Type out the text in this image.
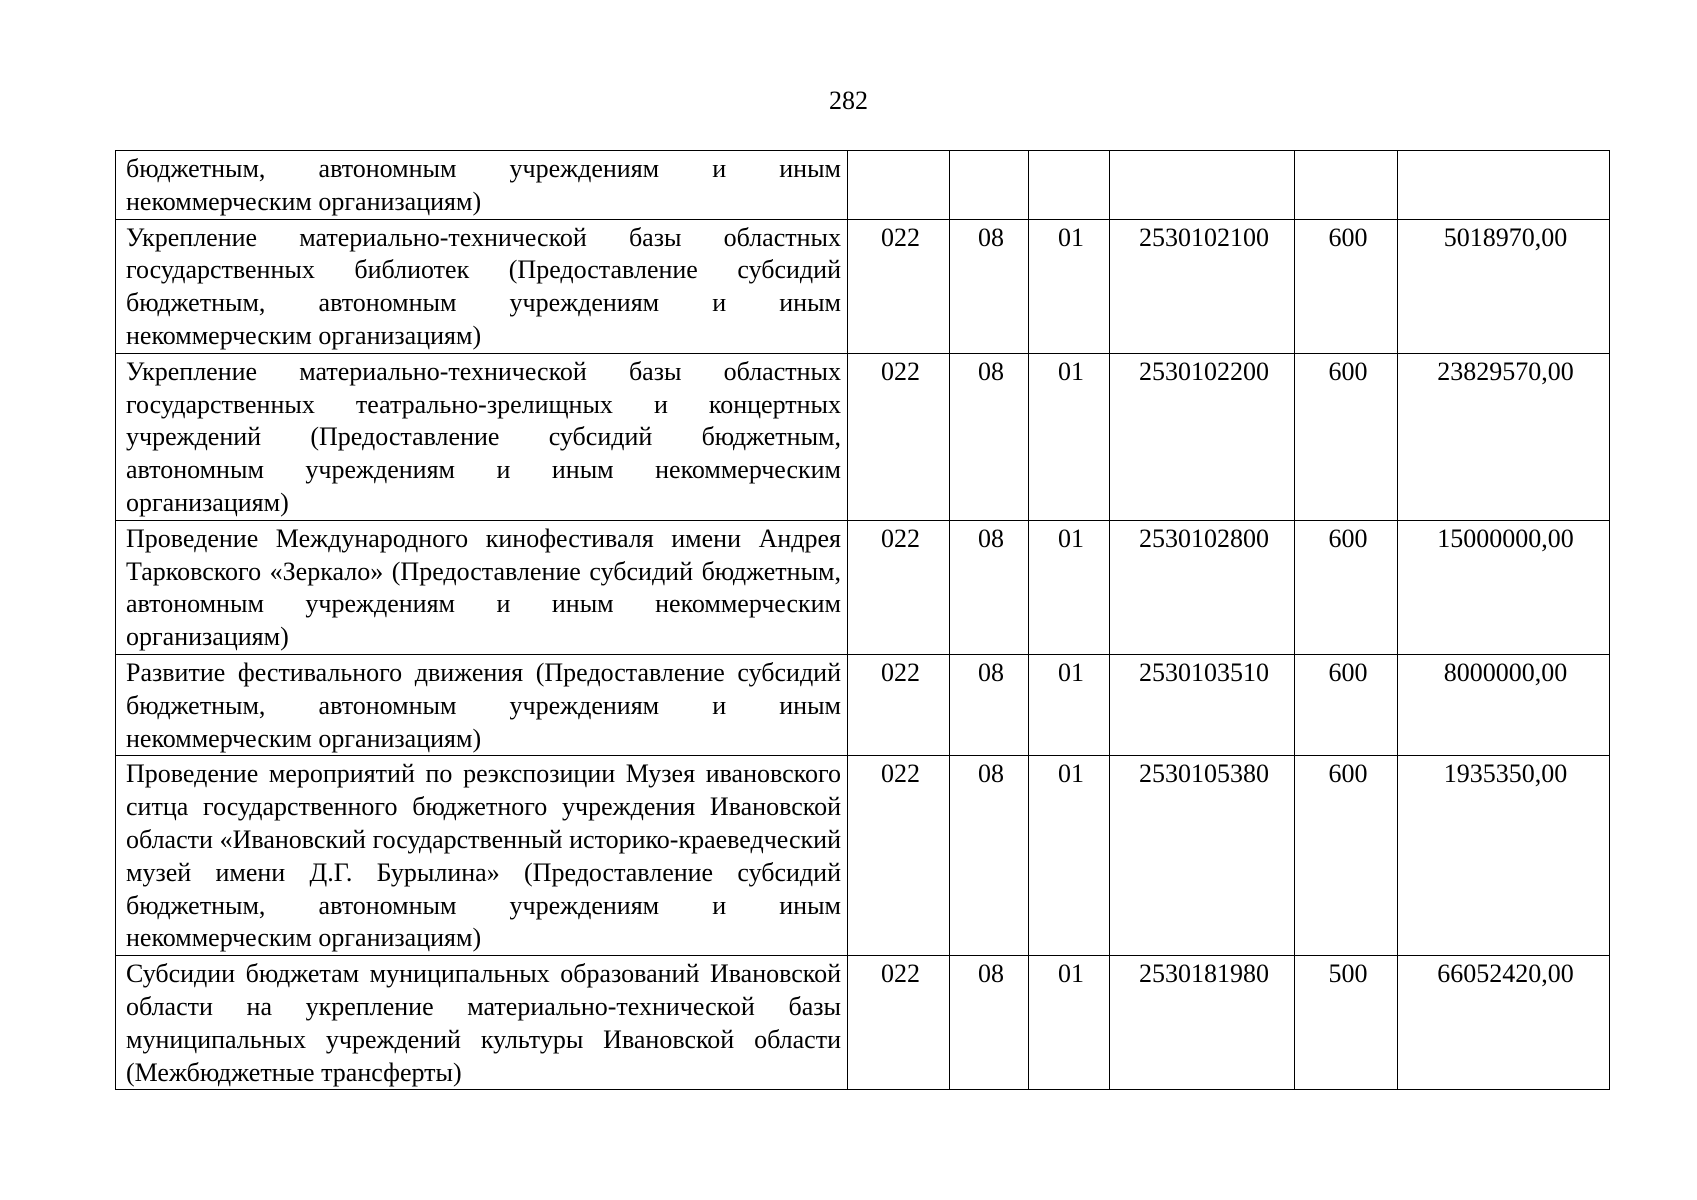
282
бюджетным, автономным учреждениям и иным некоммерческим организациям)						
Укрепление материально-технической базы областных государственных библиотек (Предоставление субсидий бюджетным, автономным учреждениям и иным некоммерческим организациям)	022	08	01	2530102100	600	5018970,00
Укрепление материально-технической базы областных государственных театрально-зрелищных и концертных учреждений (Предоставление субсидий бюджетным, автономным учреждениям и иным некоммерческим организациям)	022	08	01	2530102200	600	23829570,00
Проведение Международного кинофестиваля имени Андрея Тарковского «Зеркало» (Предоставление субсидий бюджетным, автономным учреждениям и иным некоммерческим организациям)	022	08	01	2530102800	600	15000000,00
Развитие фестивального движения (Предоставление субсидий бюджетным, автономным учреждениям и иным некоммерческим организациям)	022	08	01	2530103510	600	8000000,00
Проведение мероприятий по реэкспозиции Музея ивановского ситца государственного бюджетного учреждения Ивановской области «Ивановский государственный историко-краеведческий музей имени Д.Г. Бурылина» (Предоставление субсидий бюджетным, автономным учреждениям и иным некоммерческим организациям)	022	08	01	2530105380	600	1935350,00
Субсидии бюджетам муниципальных образований Ивановской области на укрепление материально-технической базы муниципальных учреждений культуры Ивановской области (Межбюджетные трансферты)	022	08	01	2530181980	500	66052420,00
